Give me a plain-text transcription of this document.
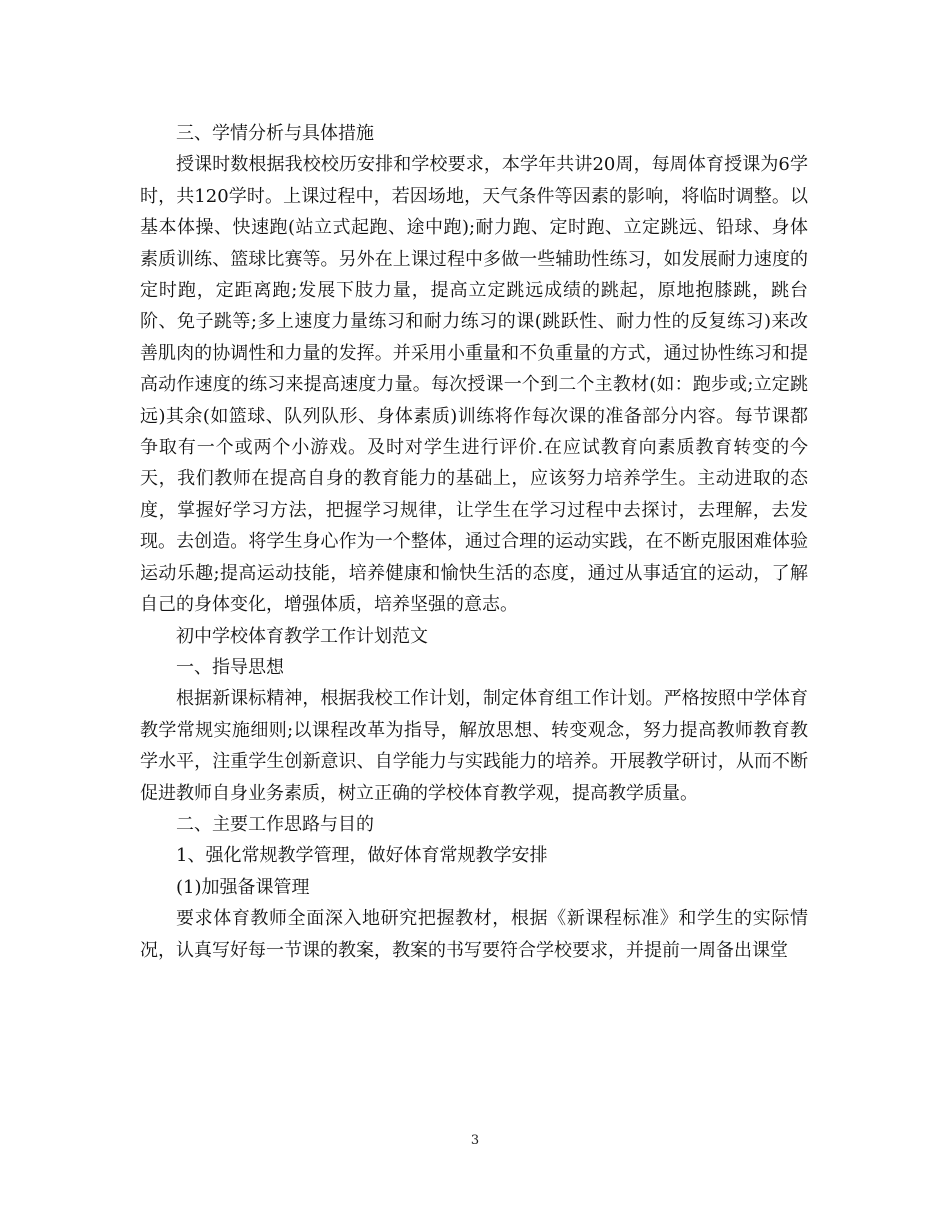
三、学情分析与具体措施

授课时数根据我校校历安排和学校要求，本学年共讲20周，每周体育授课为6学时，共120学时。上课过程中，若因场地，天气条件等因素的影响，将临时调整。以基本体操、快速跑(站立式起跑、途中跑);耐力跑、定时跑、立定跳远、铅球、身体素质训练、篮球比赛等。另外在上课过程中多做一些辅助性练习，如发展耐力速度的定时跑，定距离跑;发展下肢力量，提高立定跳远成绩的跳起，原地抱膝跳，跳台阶、免子跳等;多上速度力量练习和耐力练习的课(跳跃性、耐力性的反复练习)来改善肌肉的协调性和力量的发挥。并采用小重量和不负重量的方式，通过协性练习和提高动作速度的练习来提高速度力量。每次授课一个到二个主教材(如：跑步或;立定跳远)其余(如篮球、队列队形、身体素质)训练将作每次课的准备部分内容。每节课都争取有一个或两个小游戏。及时对学生进行评价.在应试教育向素质教育转变的今天，我们教师在提高自身的教育能力的基础上，应该努力培养学生。主动进取的态度，掌握好学习方法，把握学习规律，让学生在学习过程中去探讨，去理解，去发现。去创造。将学生身心作为一个整体，通过合理的运动实践，在不断克服困难体验运动乐趣;提高运动技能，培养健康和愉快生活的态度，通过从事适宜的运动，了解自己的身体变化，增强体质，培养坚强的意志。

初中学校体育教学工作计划范文

一、指导思想

根据新课标精神，根据我校工作计划，制定体育组工作计划。严格按照中学体育教学常规实施细则;以课程改革为指导，解放思想、转变观念，努力提高教师教育教学水平，注重学生创新意识、自学能力与实践能力的培养。开展教学研讨，从而不断促进教师自身业务素质，树立正确的学校体育教学观，提高教学质量。

二、主要工作思路与目的

1、强化常规教学管理，做好体育常规教学安排

(1)加强备课管理

要求体育教师全面深入地研究把握教材，根据《新课程标准》和学生的实际情况，认真写好每一节课的教案，教案的书写要符合学校要求，并提前一周备出课堂

3
